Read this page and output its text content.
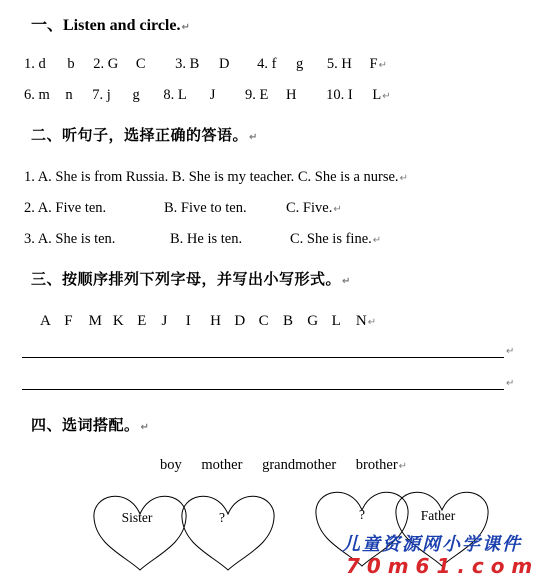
一、Listen and circle.↵
1. d b 2. G C 3. B D 4. f g 5. H F↵
6. m n 7. j g 8. L J 9. E H 10. I L↵
二、听句子，选择正确的答语。↵
1. A. She is from Russia. B. She is my teacher. C. She is a nurse.↵
2. A. Five ten.	B. Five to ten.	C. Five.↵
3. A. She is ten.	B. He is ten.	C. She is fine.↵
三、按顺序排列下列字母，并写出小写形式。↵
A F M K E J I H D C B G L N↵
↵
↵
四、选词搭配。↵
boy mother grandmother brother↵
Sister	?	?	Father
儿童资源网小学课件
7 0 m 6 1 . c o m
